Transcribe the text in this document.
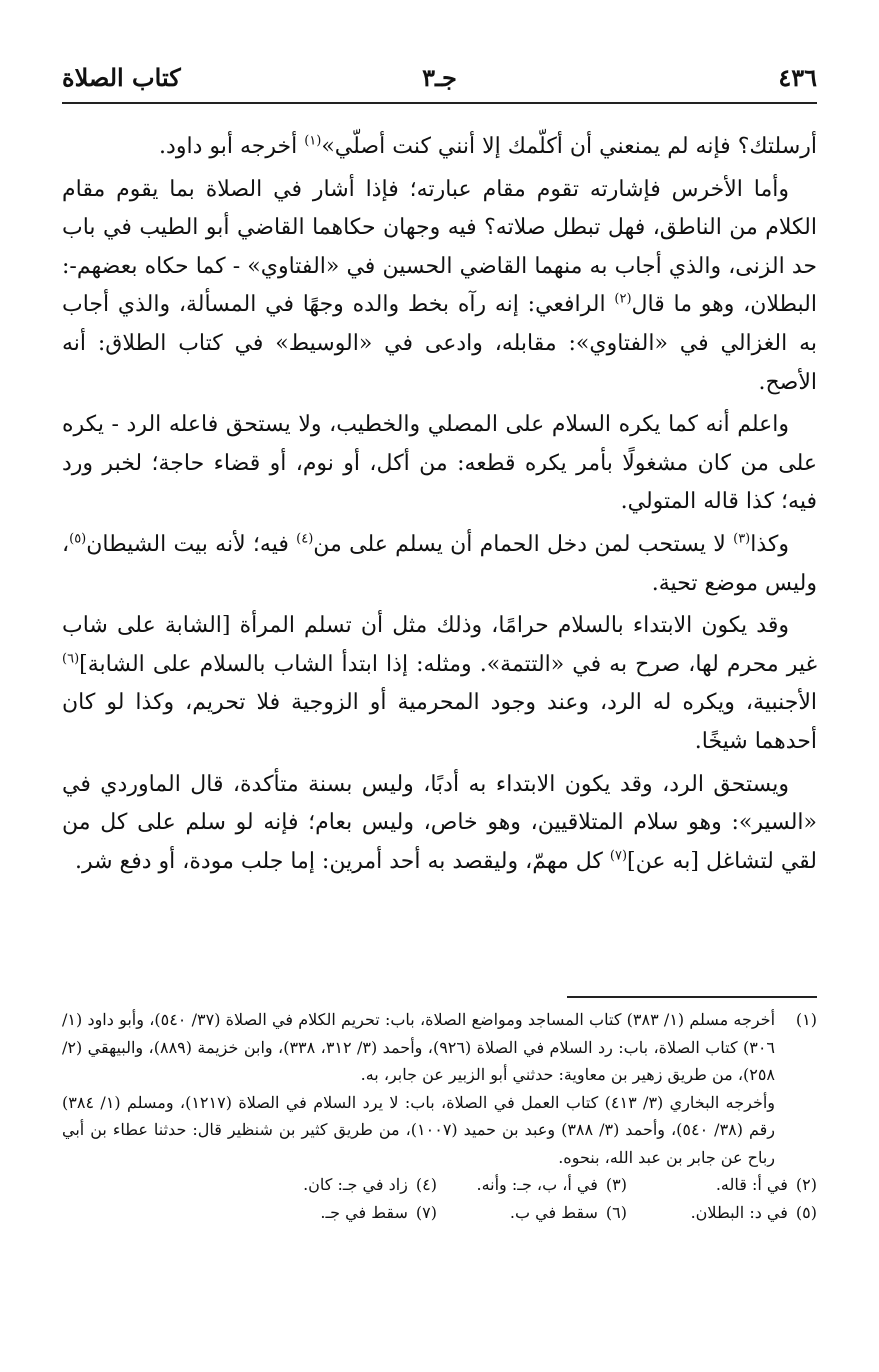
٤٣٦
جـ٣
كتاب الصلاة

أرسلتك؟ فإنه لم يمنعني أن أكلّمك إلا أنني كنت أصلّي»$^{(١)}$ أخرجه أبو داود.

وأما الأخرس فإشارته تقوم مقام عبارته؛ فإذا أشار في الصلاة بما يقوم مقام الكلام من الناطق، فهل تبطل صلاته؟ فيه وجهان حكاهما القاضي أبو الطيب في باب حد الزنى، والذي أجاب به منهما القاضي الحسين في «الفتاوي» - كما حكاه بعضهم-: البطلان، وهو ما قال$^{(٢)}$ الرافعي: إنه رآه بخط والده وجهًا في المسألة، والذي أجاب به الغزالي في «الفتاوي»: مقابله، وادعى في «الوسيط» في كتاب الطلاق: أنه الأصح.

واعلم أنه كما يكره السلام على المصلي والخطيب، ولا يستحق فاعله الرد - يكره على من كان مشغولًا بأمر يكره قطعه: من أكل، أو نوم، أو قضاء حاجة؛ لخبر ورد فيه؛ كذا قاله المتولي.

وكذا$^{(٣)}$ لا يستحب لمن دخل الحمام أن يسلم على من$^{(٤)}$ فيه؛ لأنه بيت الشيطان$^{(٥)}$، وليس موضع تحية.

وقد يكون الابتداء بالسلام حرامًا، وذلك مثل أن تسلم المرأة [الشابة على شاب غير محرم لها، صرح به في «التتمة». ومثله: إذا ابتدأ الشاب بالسلام على الشابة]$^{(٦)}$ الأجنبية، ويكره له الرد، وعند وجود المحرمية أو الزوجية فلا تحريم، وكذا لو كان أحدهما شيخًا.

ويستحق الرد، وقد يكون الابتداء به أدبًا، وليس بسنة متأكدة، قال الماوردي في «السير»: وهو سلام المتلاقيين، وهو خاص، وليس بعام؛ فإنه لو سلم على كل من لقي لتشاغل [به عن]$^{(٧)}$ كل مهمّ، وليقصد به أحد أمرين: إما جلب مودة، أو دفع شر.

(١)
أخرجه مسلم (١/ ٣٨٣) كتاب المساجد ومواضع الصلاة، باب: تحريم الكلام في الصلاة (٣٧/ ٥٤٠)، وأبو داود (١/ ٣٠٦) كتاب الصلاة، باب: رد السلام في الصلاة (٩٢٦)، وأحمد (٣/ ٣١٢، ٣٣٨)، وابن خزيمة (٨٨٩)، والبيهقي (٢/ ٢٥٨)، من طريق زهير بن معاوية: حدثني أبو الزبير عن جابر، به.
وأخرجه البخاري (٣/ ٤١٣) كتاب العمل في الصلاة، باب: لا يرد السلام في الصلاة (١٢١٧)، ومسلم (١/ ٣٨٤) رقم (٣٨/ ٥٤٠)، وأحمد (٣/ ٣٨٨) وعبد بن حميد (١٠٠٧)، من طريق كثير بن شنظير قال: حدثنا عطاء بن أبي رباح عن جابر بن عبد الله، بنحوه.
(٢)في أ: قاله.
(٣)في أ، ب، جـ: وأنه.
(٤)زاد في جـ: كان.
(٥)في د: البطلان.
(٦)سقط في ب.
(٧)سقط في جـ.
